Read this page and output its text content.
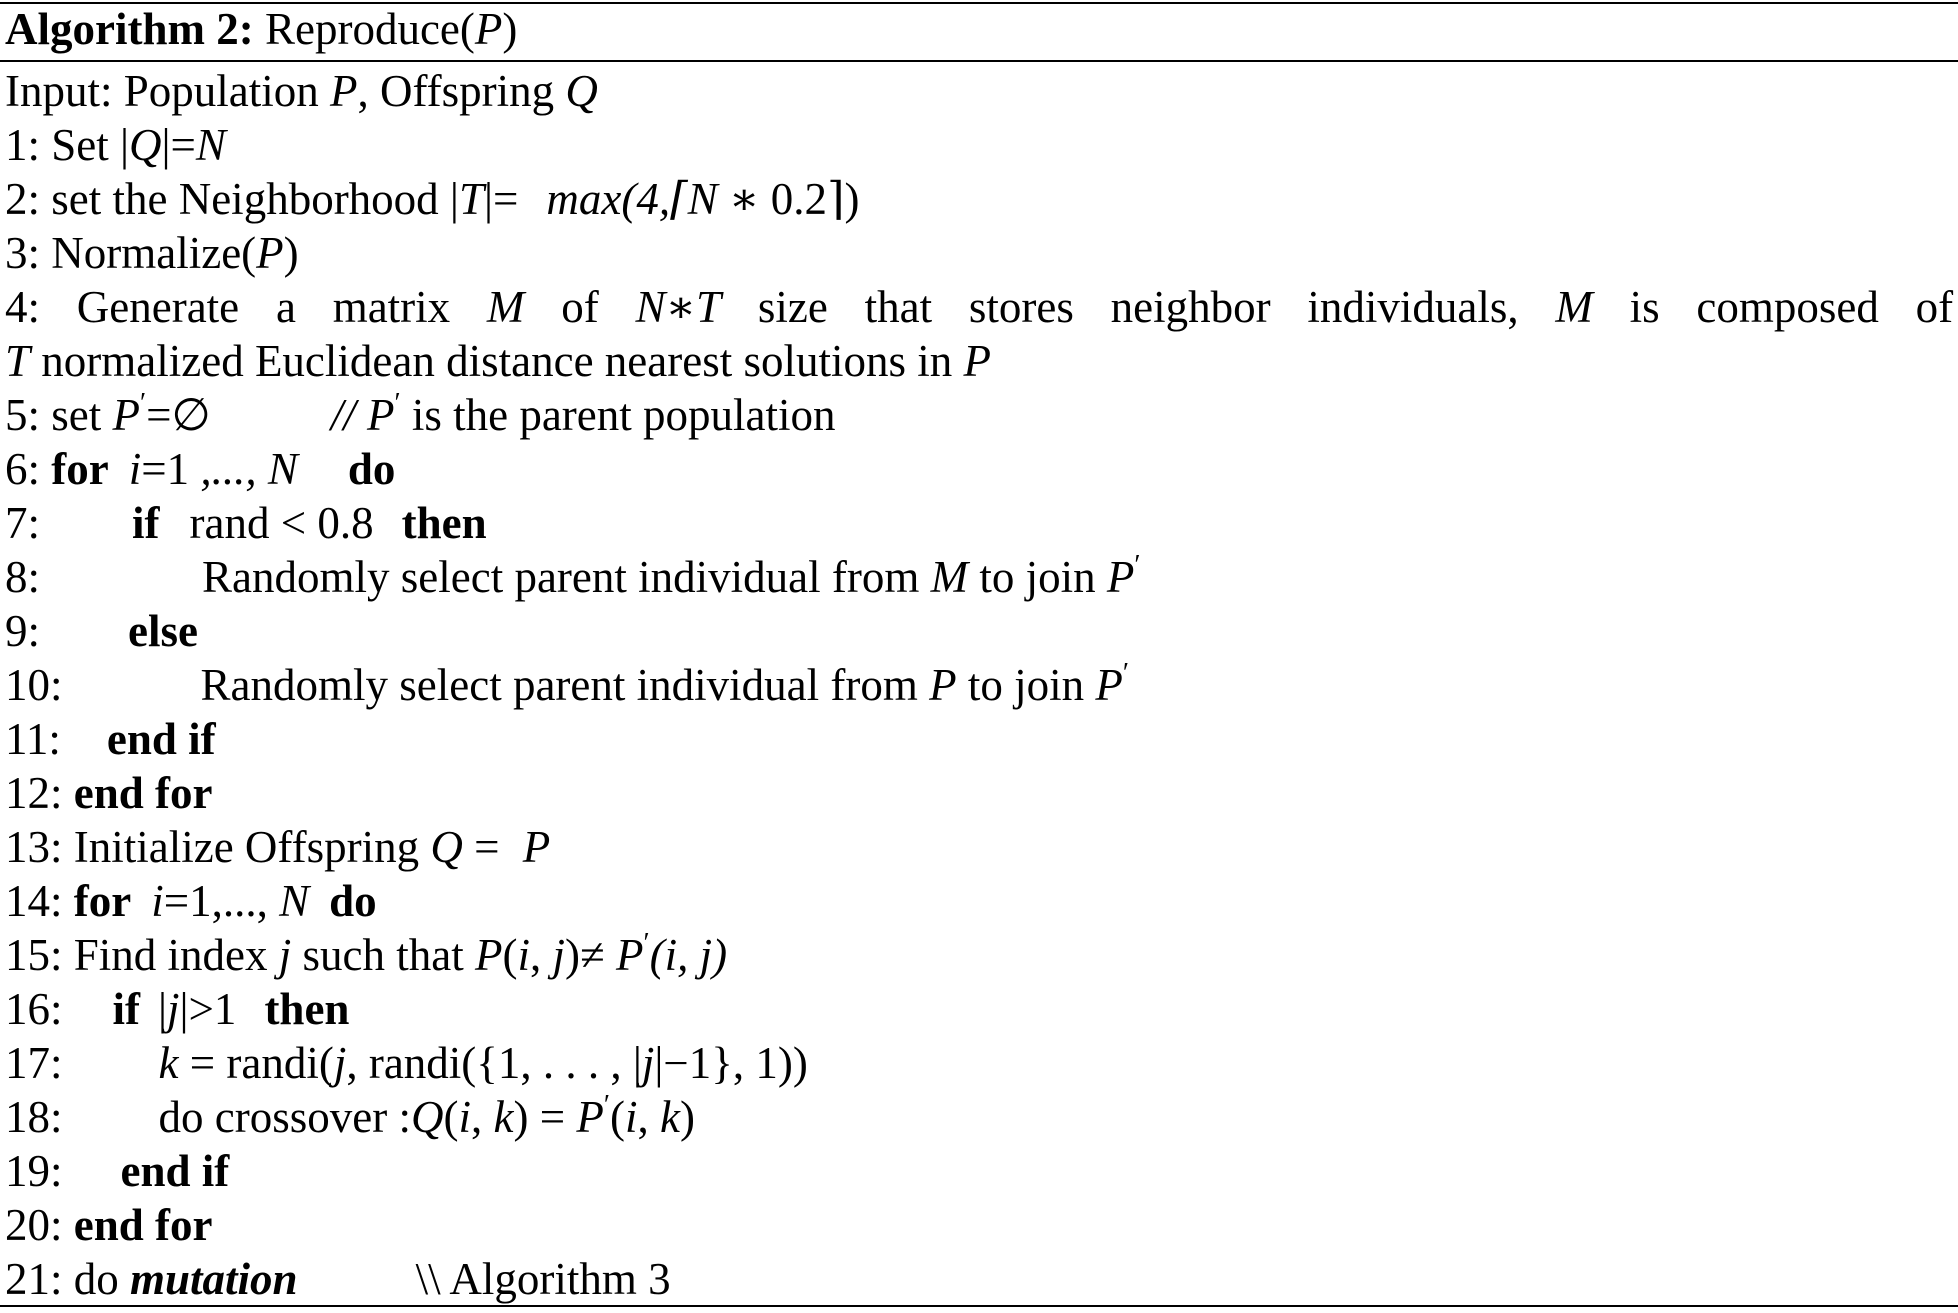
Algorithm 2: Reproduce(P)
Input: Population P, Offspring Q
1: Set |Q|=N
2: set the Neighborhood |T|= max(4,⌈N ∗ 0.2⌉)
3: Normalize(P)
4: Generate a matrix M of N∗T size that stores neighbor individuals, M is composed of
T normalized Euclidean distance nearest solutions in P
5: set P′=∅	// P′ is the parent population
6: for i=1 ,..., N do
7: if rand < 0.8 then
8:	Randomly select parent individual from M to join P′
9: else
10:	Randomly select parent individual from P to join P′
11: end if
12: end for
13: Initialize Offspring Q = P
14: for i=1,..., N do
15: Find index j such that P(i, j)≠ P′(i, j)
16: if |j|>1 then
17: k = randi(j, randi({1, . . . , |j|−1}, 1))
18: do crossover :Q(i, k) = P′(i, k)
19: end if
20: end for
21: do mutation	\\ Algorithm 3
